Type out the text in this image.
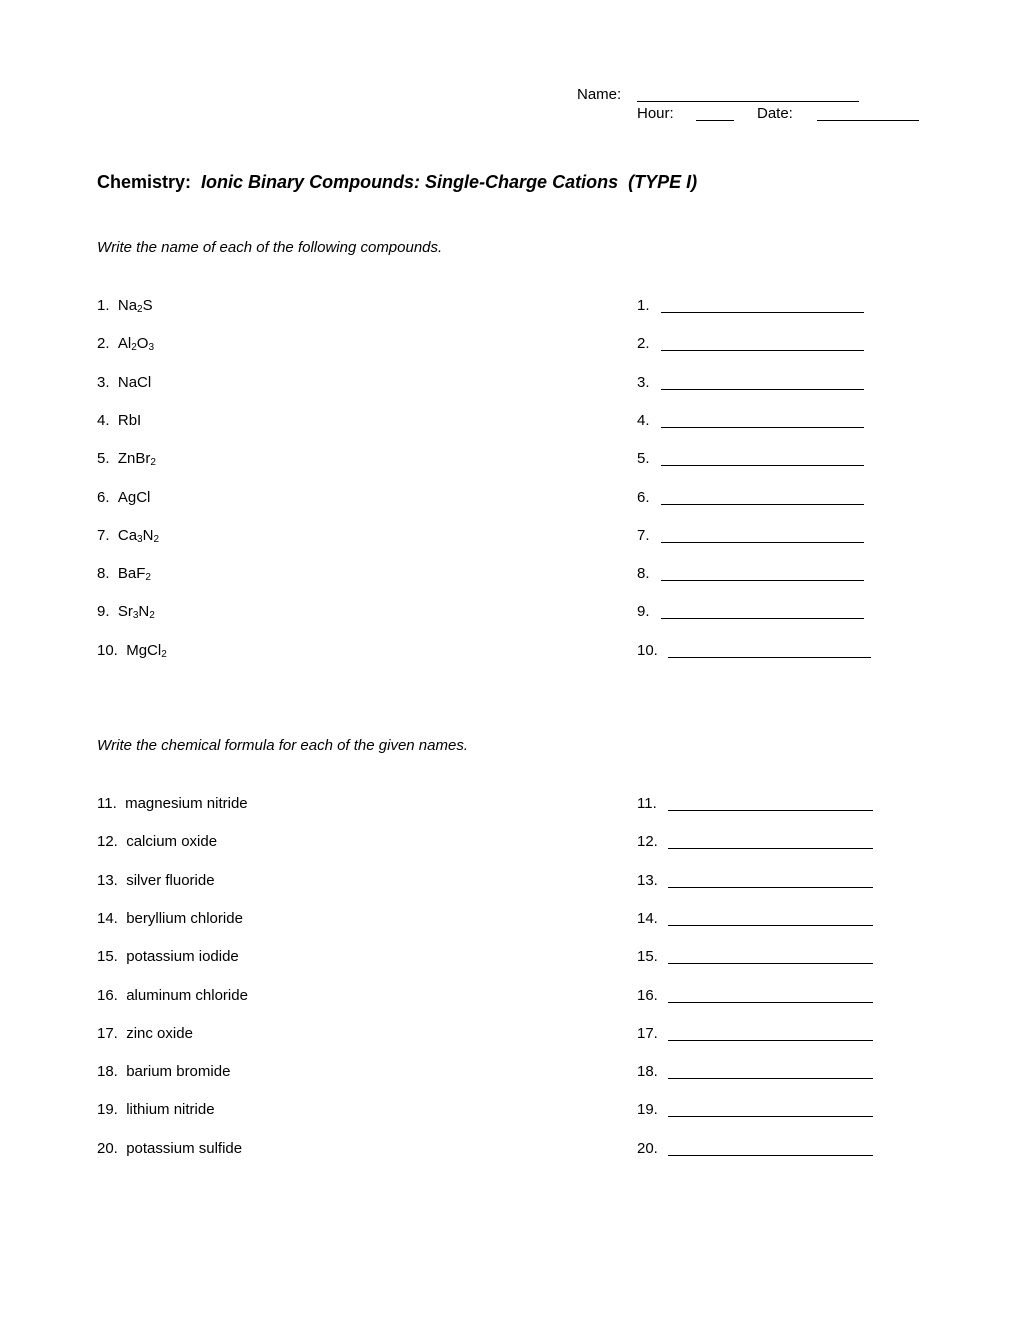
Name:
Hour:	Date:
Chemistry: Ionic Binary Compounds: Single-Charge Cations (TYPE I)
Write the name of each of the following compounds.
Write the chemical formula for each of the given names.
1. $Na_2S$	1.
2. $Al_2O_3$	2.
3. NaCl	3.
4. RbI	4.
5. ZnBr$_2$	5.
6. AgCl	6.
7. $Ca_3N_2$	7.
8. BaF$_2$	8.
9. $Sr_3N_2$	9.
10. MgCl$_2$	10.
11. magnesium nitride	11.
12. calcium oxide	12.
13. silver fluoride	13.
14. beryllium chloride	14.
15. potassium iodide	15.
16. aluminum chloride	16.
17. zinc oxide	17.
18. barium bromide	18.
19. lithium nitride	19.
20. potassium sulfide	20.
